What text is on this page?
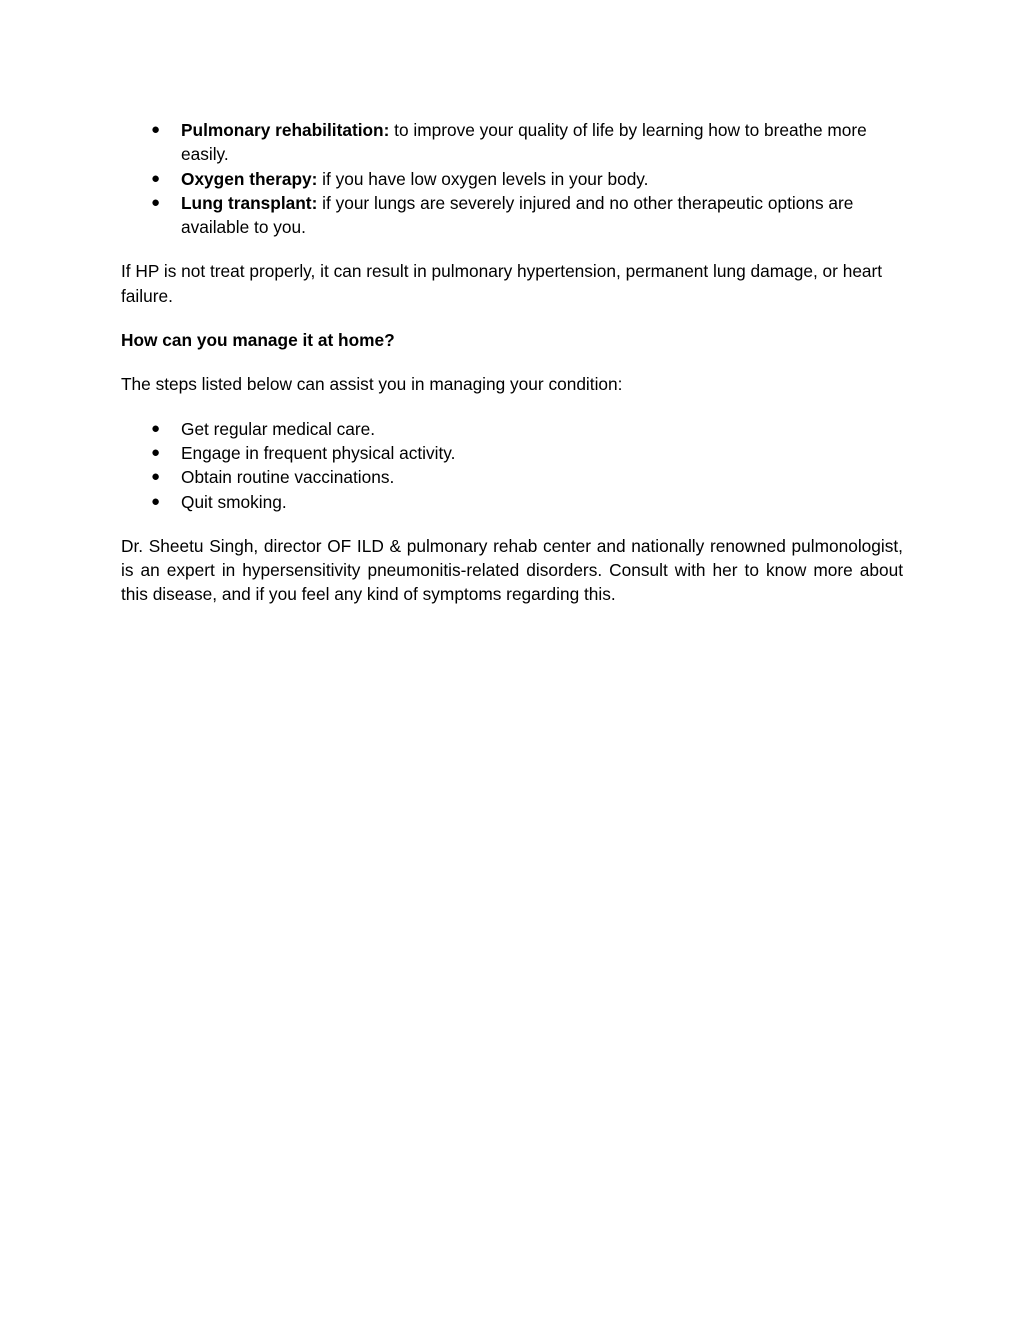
● Pulmonary rehabilitation: to improve your quality of life by learning how to breathe more easily.
● Oxygen therapy: if you have low oxygen levels in your body.
● Lung transplant: if your lungs are severely injured and no other therapeutic options are available to you.

If HP is not treat properly, it can result in pulmonary hypertension, permanent lung damage, or heart failure.

How can you manage it at home?

The steps listed below can assist you in managing your condition:

● Get regular medical care.
● Engage in frequent physical activity.
● Obtain routine vaccinations.
● Quit smoking.

Dr. Sheetu Singh, director OF ILD & pulmonary rehab center and nationally renowned pulmonologist, is an expert in hypersensitivity pneumonitis-related disorders. Consult with her to know more about this disease, and if you feel any kind of symptoms regarding this.
